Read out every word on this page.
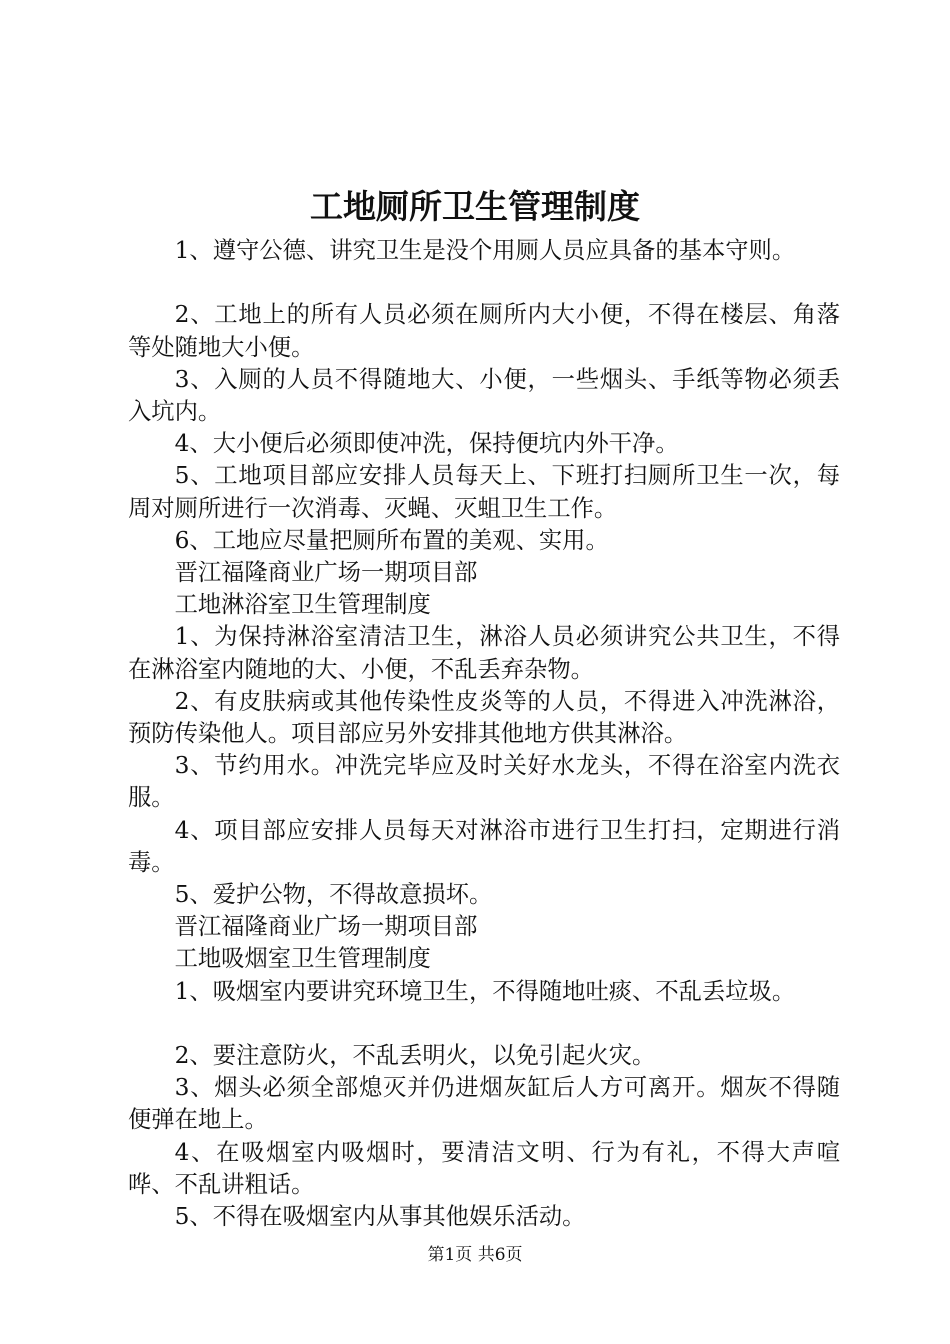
工地厕所卫生管理制度

1、遵守公德、讲究卫生是没个用厕人员应具备的基本守则。

2、工地上的所有人员必须在厕所内大小便，不得在楼层、角落等处随地大小便。

3、入厕的人员不得随地大、小便，一些烟头、手纸等物必须丢入坑内。

4、大小便后必须即使冲洗，保持便坑内外干净。

5、工地项目部应安排人员每天上、下班打扫厕所卫生一次，每周对厕所进行一次消毒、灭蝇、灭蛆卫生工作。

6、工地应尽量把厕所布置的美观、实用。

晋江福隆商业广场一期项目部

工地淋浴室卫生管理制度

1、为保持淋浴室清洁卫生，淋浴人员必须讲究公共卫生，不得在淋浴室内随地的大、小便，不乱丢弃杂物。

2、有皮肤病或其他传染性皮炎等的人员，不得进入冲洗淋浴，预防传染他人。项目部应另外安排其他地方供其淋浴。

3、节约用水。冲洗完毕应及时关好水龙头，不得在浴室内洗衣服。

4、项目部应安排人员每天对淋浴市进行卫生打扫，定期进行消毒。

5、爱护公物，不得故意损坏。

晋江福隆商业广场一期项目部

工地吸烟室卫生管理制度

1、吸烟室内要讲究环境卫生，不得随地吐痰、不乱丢垃圾。

2、要注意防火，不乱丢明火，以免引起火灾。

3、烟头必须全部熄灭并仍进烟灰缸后人方可离开。烟灰不得随便弹在地上。

4、在吸烟室内吸烟时，要清洁文明、行为有礼，不得大声喧哗、不乱讲粗话。

5、不得在吸烟室内从事其他娱乐活动。

第1页 共6页
